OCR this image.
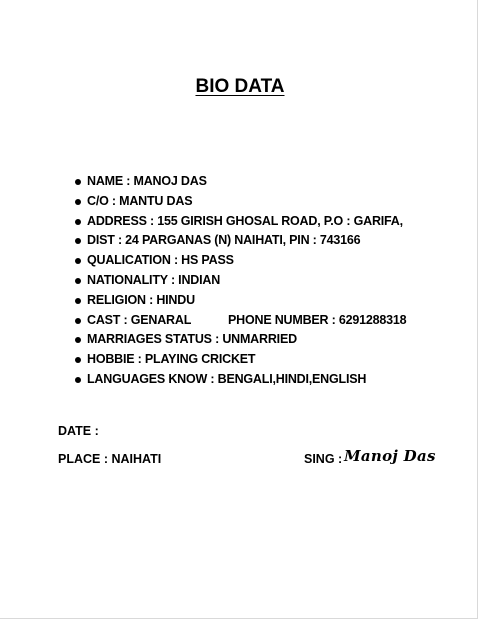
BIO DATA
NAME : MANOJ DAS
C/O : MANTU DAS
ADDRESS : 155 GIRISH GHOSAL ROAD, P.O : GARIFA,
DIST : 24 PARGANAS (N) NAIHATI, PIN : 743166
QUALICATION : HS PASS
NATIONALITY : INDIAN
RELIGION : HINDU
CAST : GENARAL	PHONE NUMBER : 6291288318
MARRIAGES STATUS : UNMARRIED
HOBBIE : PLAYING CRICKET
LANGUAGES KNOW : BENGALI,HINDI,ENGLISH
DATE :
PLACE : NAIHATI	SING : Manoj Das
